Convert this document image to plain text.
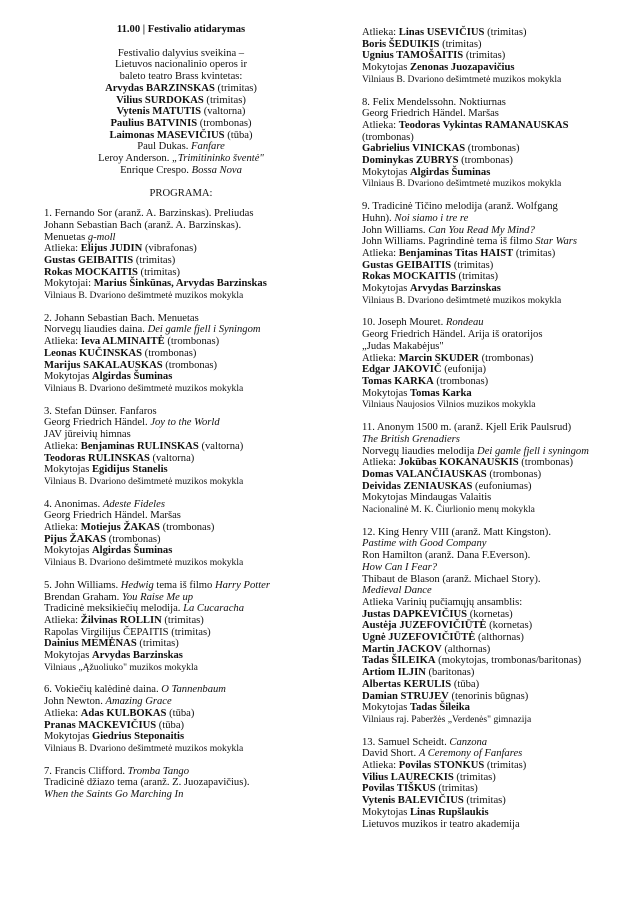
11.00 | Festivalio atidarymas
Festivalio dalyvius sveikina –
Lietuvos nacionalinio operos ir
baleto teatro Brass kvintetas:
Arvydas BARZINSKAS (trimitas)
Vilius SURDOKAS (trimitas)
Vytenis MATUTIS (valtorna)
Paulius BATVINIS (trombonas)
Laimonas MASEVIČIUS (tūba)
Paul Dukas. Fanfare
Leroy Anderson. „Trimitininko šventė"
Enrique Crespo. Bossa Nova
PROGRAMA:
1. Fernando Sor (aranž. A. Barzinskas). Preliudas
Johann Sebastian Bach (aranž. A. Barzinskas).
Menuetas g-moll
Atlieka: Elijus JUDIN (vibrafonas)
Gustas GEIBAITIS (trimitas)
Rokas MOCKAITIS (trimitas)
Mokytojai: Marius Šinkūnas, Arvydas Barzinskas
Vilniaus B. Dvariono dešimtmetė muzikos mokykla
2. Johann Sebastian Bach. Menuetas
Norvegų liaudies daina. Dei gamle fjell i Syningom
Atlieka: Ieva ALMINAITĖ (trombonas)
Leonas KUČINSKAS (trombonas)
Marijus SAKALAUSKAS (trombonas)
Mokytojas Algirdas Šuminas
Vilniaus B. Dvariono dešimtmetė muzikos mokykla
3. Stefan Dünser. Fanfaros
Georg Friedrich Händel. Joy to the World
JAV jūreivių himnas
Atlieka: Benjaminas RULINSKAS (valtorna)
Teodoras RULINSKAS (valtorna)
Mokytojas Egidijus Stanelis
Vilniaus B. Dvariono dešimtmetė muzikos mokykla
4. Anonimas. Adeste Fideles
Georg Friedrich Händel. Maršas
Atlieka: Motiejus ŽAKAS (trombonas)
Pijus ŽAKAS (trombonas)
Mokytojas Algirdas Šuminas
Vilniaus B. Dvariono dešimtmetė muzikos mokykla
5. John Williams. Hedwig tema iš filmo Harry Potter
Brendan Graham. You Raise Me up
Tradicinė meksikiečių melodija. La Cucaracha
Atlieka: Žilvinas ROLLIN (trimitas)
Rapolas Virgilijus ČEPAITIS (trimitas)
Dainius MEMĖNAS (trimitas)
Mokytojas Arvydas Barzinskas
Vilniaus „Ąžuoliuko" muzikos mokykla
6. Vokiečių kalėdinė daina. O Tannenbaum
John Newton. Amazing Grace
Atlieka: Adas KULBOKAS (tūba)
Pranas MACKEVIČIUS (tūba)
Mokytojas Giedrius Steponaitis
Vilniaus B. Dvariono dešimtmetė muzikos mokykla
7. Francis Clifford. Tromba Tango
Tradicinė džiazo tema (aranž. Z. Juozapavičius).
When the Saints Go Marching In
Atlieka: Linas USEVIČIUS (trimitas)
Boris ŠEDUIKIS (trimitas)
Ugnius TAMOŠAITIS (trimitas)
Mokytojas Zenonas Juozapavičius
Vilniaus B. Dvariono dešimtmetė muzikos mokykla
8. Felix Mendelssohn. Noktiurnas
Georg Friedrich Händel. Maršas
Atlieka: Teodoras Vykintas RAMANAUSKAS
(trombonas)
Gabrielius VINICKAS (trombonas)
Dominykas ZUBRYS (trombonas)
Mokytojas Algirdas Šuminas
Vilniaus B. Dvariono dešimtmetė muzikos mokykla
9. Tradicinė Tičino melodija (aranž. Wolfgang
Huhn). Noi siamo i tre re
John Williams. Can You Read My Mind?
John Williams. Pagrindinė tema iš filmo Star Wars
Atlieka: Benjaminas Titas HAIST (trimitas)
Gustas GEIBAITIS (trimitas)
Rokas MOCKAITIS (trimitas)
Mokytojas Arvydas Barzinskas
Vilniaus B. Dvariono dešimtmetė muzikos mokykla
10. Joseph Mouret. Rondeau
Georg Friedrich Händel. Arija iš oratorijos
„Judas Makabėjus"
Atlieka: Marcin SKUDER (trombonas)
Edgar JAKOVIČ (eufonija)
Tomas KARKA (trombonas)
Mokytojas Tomas Karka
Vilniaus Naujosios Vilnios muzikos mokykla
11. Anonym 1500 m. (aranž. Kjell Erik Paulsrud)
The British Grenadiers
Norvegų liaudies melodija Dei gamle fjell i syningom
Atlieka: Jokūbas KOKANAUSKIS (trombonas)
Domas VALANČIAUSKAS (trombonas)
Deividas ZENIAUSKAS (eufoniumas)
Mokytojas Mindaugas Valaitis
Nacionalinė M. K. Čiurlionio menų mokykla
12. King Henry VIII (aranž. Matt Kingston).
Pastime with Good Company
Ron Hamilton (aranž. Dana F.Everson).
How Can I Fear?
Thibaut de Blason (aranž. Michael Story).
Medieval Dance
Atlieka Varinių pučiamųjų ansamblis:
Justas DAPKEVIČIUS (kornetas)
Austėja JUZEFOVIČIŪTĖ (kornetas)
Ugnė JUZEFOVIČIŪTĖ (althornas)
Martin JACKOV (althornas)
Tadas ŠILEIKA (mokytojas, trombonas/baritonas)
Artiom ILJIN (baritonas)
Albertas KERULIS (tūba)
Damian STRUJEV (tenorinis būgnas)
Mokytojas Tadas Šileika
Vilniaus raj. Paberžės „Verdenės" gimnazija
13. Samuel Scheidt. Canzona
David Short. A Ceremony of Fanfares
Atlieka: Povilas STONKUS (trimitas)
Vilius LAURECKIS (trimitas)
Povilas TIŠKUS (trimitas)
Vytenis BALEVIČIUS (trimitas)
Mokytojas Linas Rupšlaukis
Lietuvos muzikos ir teatro akademija
